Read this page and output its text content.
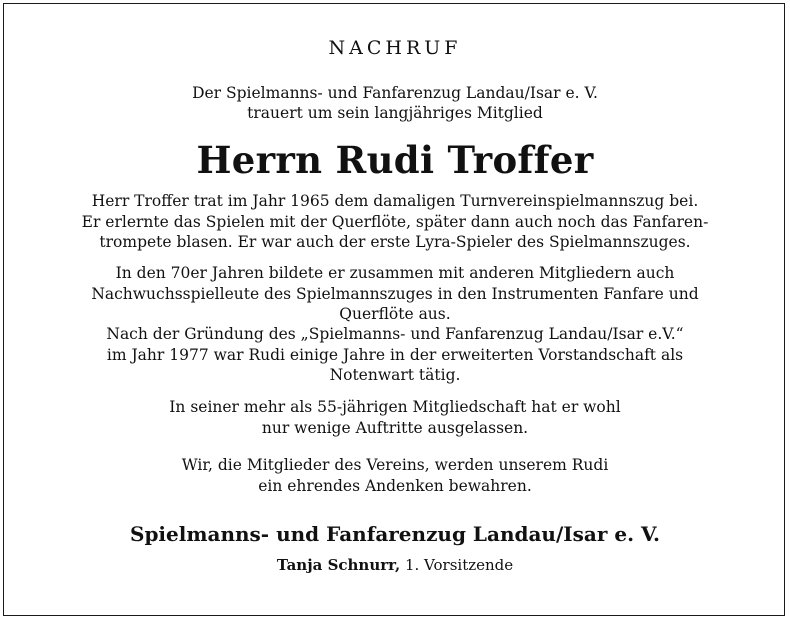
NACHRUF
Der Spielmanns- und Fanfarenzug Landau/Isar e. V.
trauert um sein langjähriges Mitglied
Herrn Rudi Troffer
Herr Troffer trat im Jahr 1965 dem damaligen Turnvereinspielmannszug bei.
Er erlernte das Spielen mit der Querflöte, später dann auch noch das Fanfaren-
trompete blasen. Er war auch der erste Lyra-Spieler des Spielmannszuges.
In den 70er Jahren bildete er zusammen mit anderen Mitgliedern auch
Nachwuchsspielleute des Spielmannszuges in den Instrumenten Fanfare und
Querflöte aus.
Nach der Gründung des „Spielmanns- und Fanfarenzug Landau/Isar e.V.“
im Jahr 1977 war Rudi einige Jahre in der erweiterten Vorstandschaft als
Notenwart tätig.
In seiner mehr als 55-jährigen Mitgliedschaft hat er wohl
nur wenige Auftritte ausgelassen.
Wir, die Mitglieder des Vereins, werden unserem Rudi
ein ehrendes Andenken bewahren.
Spielmanns- und Fanfarenzug Landau/Isar e. V.
Tanja Schnurr, 1. Vorsitzende
